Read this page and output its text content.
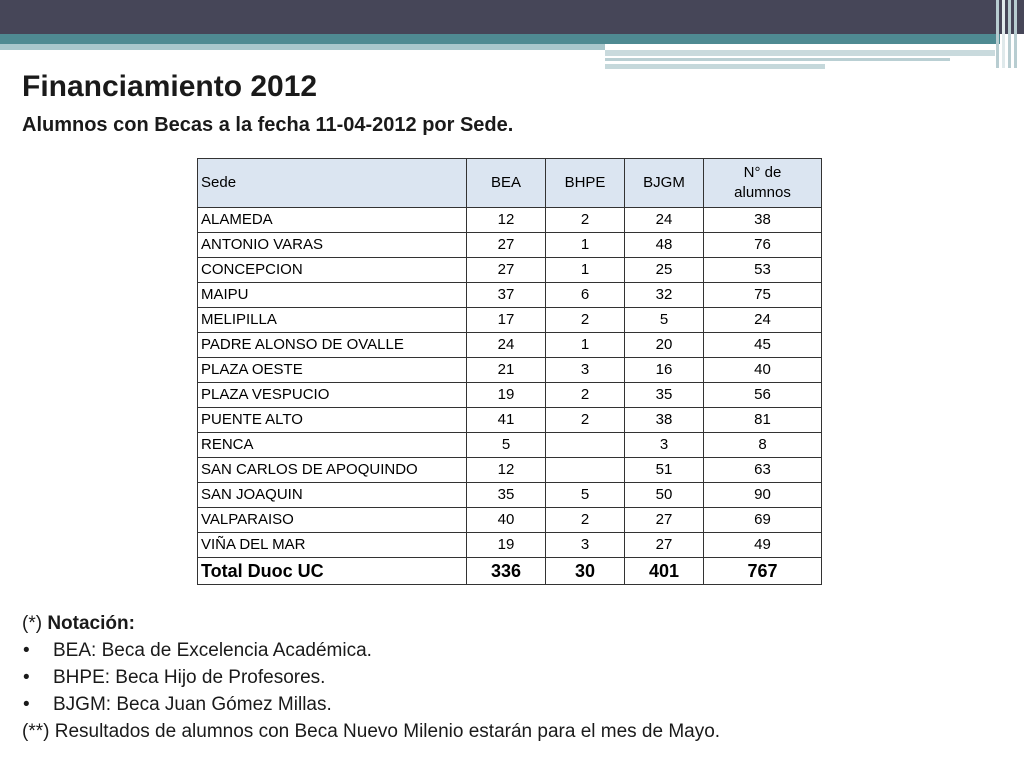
Financiamiento 2012
Alumnos con Becas a la fecha 11-04-2012 por Sede.
Sede	BEA	BHPE	BJGM	N° de
alumnos
ALAMEDA	12	2	24	38
ANTONIO VARAS	27	1	48	76
CONCEPCION	27	1	25	53
MAIPU	37	6	32	75
MELIPILLA	17	2	5	24
PADRE ALONSO DE OVALLE	24	1	20	45
PLAZA OESTE	21	3	16	40
PLAZA VESPUCIO	19	2	35	56
PUENTE ALTO	41	2	38	81
RENCA	5		3	8
SAN CARLOS DE APOQUINDO	12		51	63
SAN JOAQUIN	35	5	50	90
VALPARAISO	40	2	27	69
VIÑA DEL MAR	19	3	27	49
Total Duoc UC	336	30	401	767

(*) Notación:

• BEA: Beca de Excelencia Académica.
• BHPE: Beca Hijo de Profesores.
• BJGM: Beca Juan Gómez Millas.

(**) Resultados de alumnos con Beca Nuevo Milenio estarán para el mes de Mayo.
